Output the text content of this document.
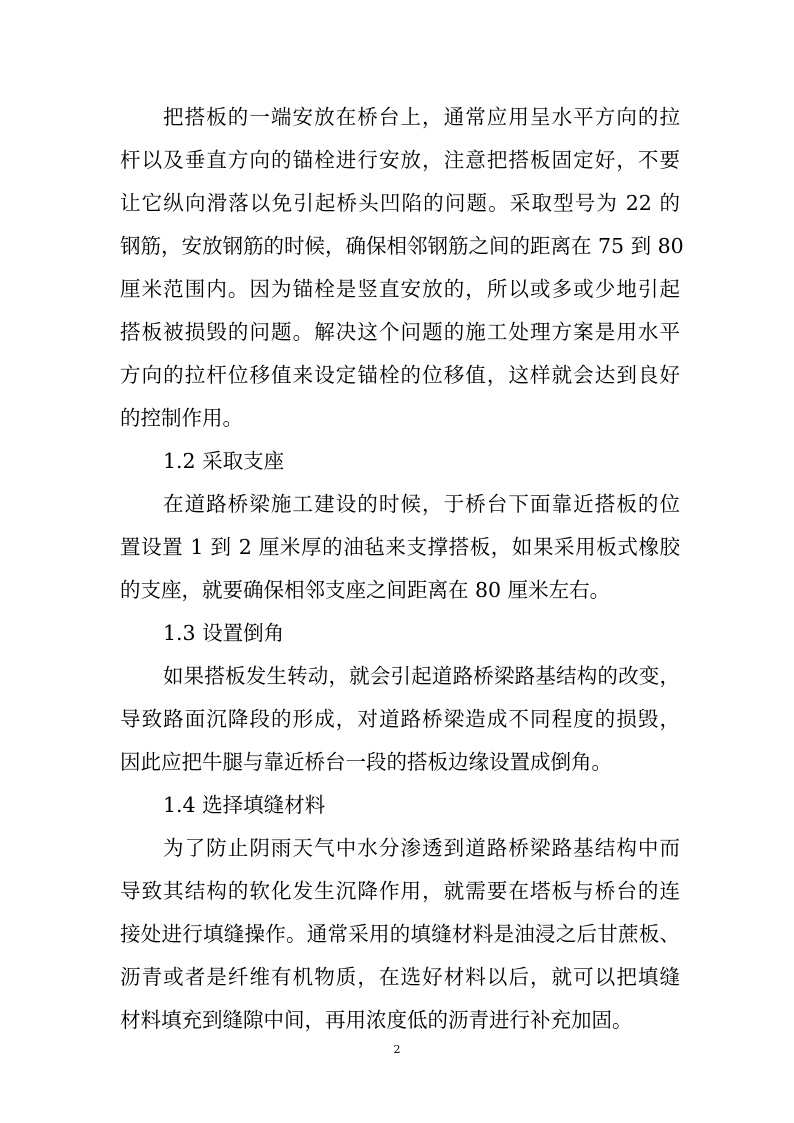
把搭板的一端安放在桥台上，通常应用呈水平方向的拉
杆以及垂直方向的锚栓进行安放，注意把搭板固定好，不要
让它纵向滑落以免引起桥头凹陷的问题。采取型号为 22 的
钢筋，安放钢筋的时候，确保相邻钢筋之间的距离在 75 到 80
厘米范围内。因为锚栓是竖直安放的，所以或多或少地引起
搭板被损毁的问题。解决这个问题的施工处理方案是用水平
方向的拉杆位移值来设定锚栓的位移值，这样就会达到良好
的控制作用。
1.2 采取支座
在道路桥梁施工建设的时候，于桥台下面靠近搭板的位
置设置 1 到 2 厘米厚的油毡来支撑搭板，如果采用板式橡胶
的支座，就要确保相邻支座之间距离在 80 厘米左右。
1.3 设置倒角
如果搭板发生转动，就会引起道路桥梁路基结构的改变，
导致路面沉降段的形成，对道路桥梁造成不同程度的损毁，
因此应把牛腿与靠近桥台一段的搭板边缘设置成倒角。
1.4 选择填缝材料
为了防止阴雨天气中水分渗透到道路桥梁路基结构中而
导致其结构的软化发生沉降作用，就需要在塔板与桥台的连
接处进行填缝操作。通常采用的填缝材料是油浸之后甘蔗板、
沥青或者是纤维有机物质，在选好材料以后，就可以把填缝
材料填充到缝隙中间，再用浓度低的沥青进行补充加固。
2
